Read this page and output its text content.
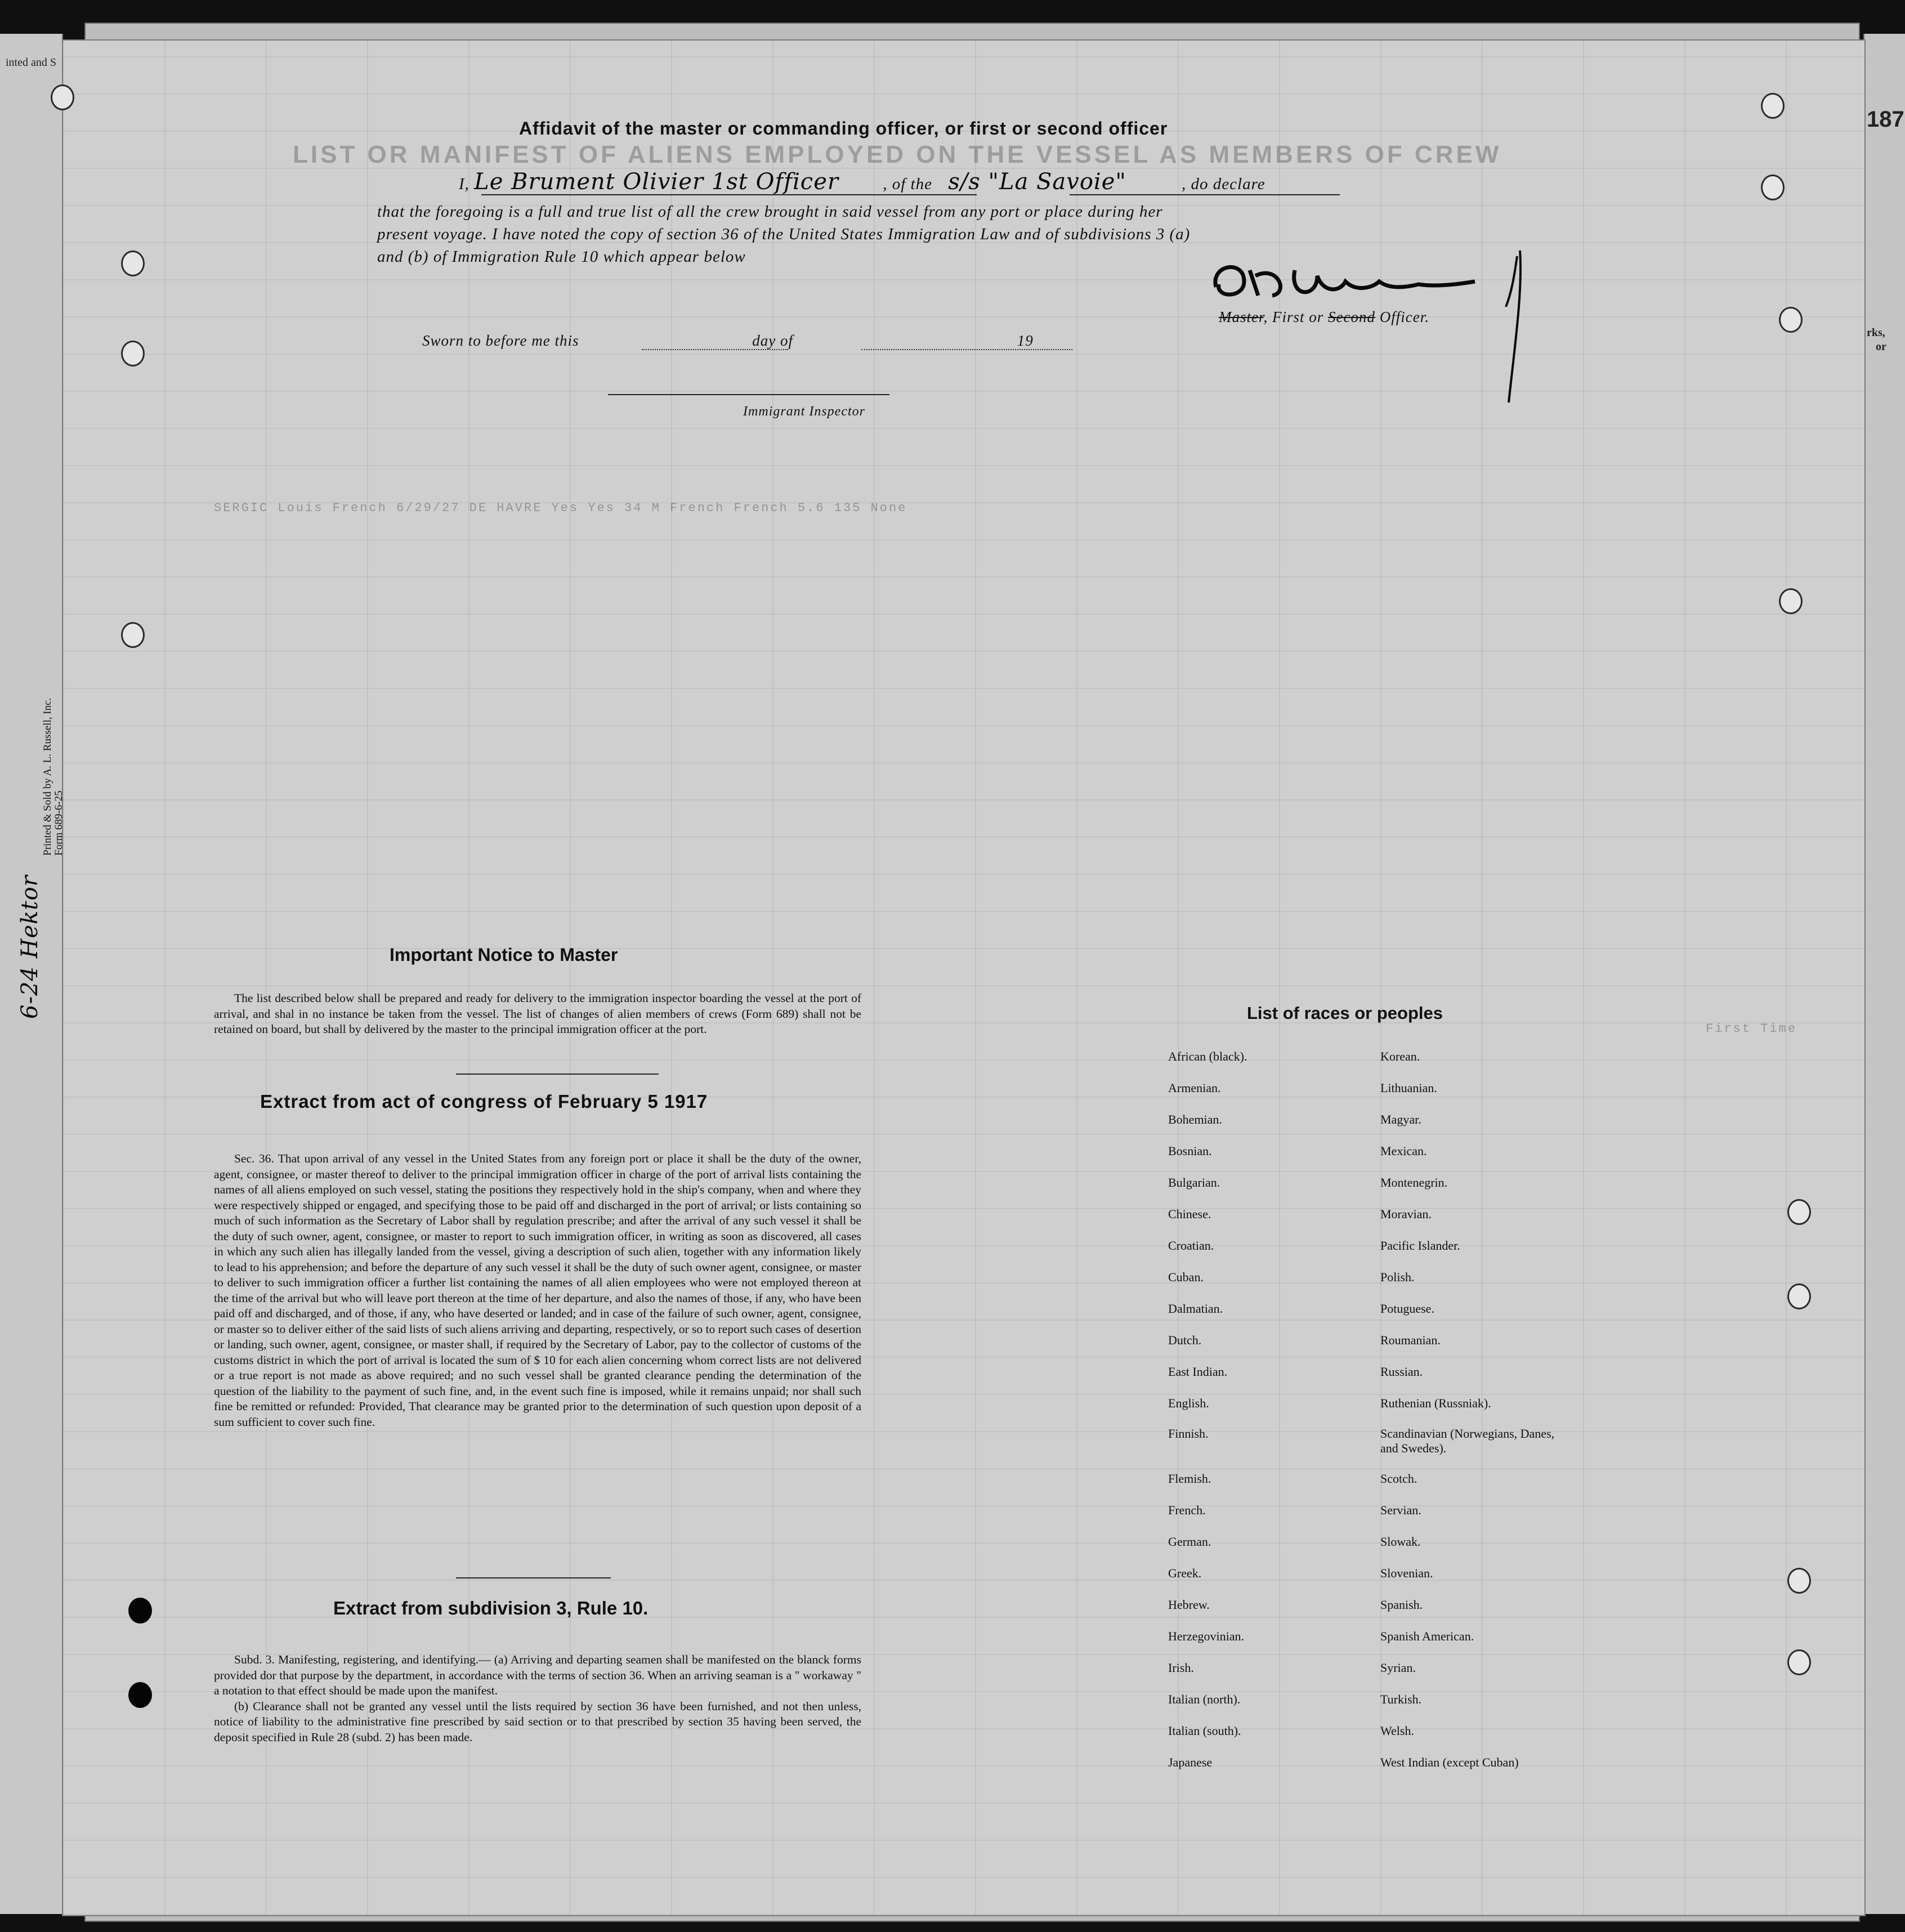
inted and S
187
rks,
or
LIST OR MANIFEST OF ALIENS EMPLOYED ON THE VESSEL AS MEMBERS OF CREW
SERGIC Louis French 6/29/27 DE HAVRE Yes Yes 34 M French French 5.6 135 None
First Time
Printed & Sold by A. L. Russell, Inc. Form 689-6-25
6-24 Hektor
Affidavit of the master or commanding officer, or first or second officer
I, Le Brument Olivier 1st Officer	, of the s/s "La Savoie"	, do declare
that the foregoing is a full and true list of all the crew brought in said vessel from any port or place during her
present voyage. I have noted the copy of section 36 of the United States Immigration Law and of subdivisions 3 (a)
and (b) of Immigration Rule 10 which appear below
Master, First or Second Officer.
Sworn to before me this	day of	19
Immigrant Inspector
Important Notice to Master

The list described below shall be prepared and ready for delivery to the immigration inspector boarding the vessel at the port of arrival, and shal in no instance be taken from the vessel. The list of changes of alien members of crews (Form 689) shall not be retained on board, but shall by delivered by the master to the principal immigration officer at the port.

Extract from act of congress of February 5 1917

Sec. 36. That upon arrival of any vessel in the United States from any foreign port or place it shall be the duty of the owner, agent, consignee, or master thereof to deliver to the principal immigration officer in charge of the port of arrival lists containing the names of all aliens employed on such vessel, stating the positions they respectively hold in the ship's company, when and where they were respectively shipped or engaged, and specifying those to be paid off and discharged in the port of arrival; or lists containing so much of such information as the Secretary of Labor shall by regulation prescribe; and after the arrival of any such vessel it shall be the duty of such owner, agent, consignee, or master to report to such immigration officer, in writing as soon as discovered, all cases in which any such alien has illegally landed from the vessel, giving a description of such alien, together with any information likely to lead to his apprehension; and before the departure of any such vessel it shall be the duty of such owner agent, consignee, or master to deliver to such immigration officer a further list containing the names of all alien employees who were not employed thereon at the time of the arrival but who will leave port thereon at the time of her departure, and also the names of those, if any, who have been paid off and discharged, and of those, if any, who have deserted or landed; and in case of the failure of such owner, agent, consignee, or master so to deliver either of the said lists of such aliens arriving and departing, respectively, or so to report such cases of desertion or landing, such owner, agent, consignee, or master shall, if required by the Secretary of Labor, pay to the collector of customs of the customs district in which the port of arrival is located the sum of $ 10 for each alien concerning whom correct lists are not delivered or a true report is not made as above required; and no such vessel shall be granted clearance pending the determination of the question of the liability to the payment of such fine, and, in the event such fine is imposed, while it remains unpaid; nor shall such fine be remitted or refunded: Provided, That clearance may be granted prior to the determination of such question upon deposit of a sum sufficient to cover such fine.

Extract from subdivision 3, Rule 10.

Subd. 3. Manifesting, registering, and identifying.— (a) Arriving and departing seamen shall be manifested on the blanck forms provided dor that purpose by the department, in accordance with the terms of section 36. When an arriving seaman is a " workaway " a notation to that effect should be made upon the manifest.

(b) Clearance shall not be granted any vessel until the lists required by section 36 have been furnished, and not then unless, notice of liability to the administrative fine prescribed by said section or to that prescribed by section 35 having been served, the deposit specified in Rule 28 (subd. 2) has been made.

List of races or peoples
African (black).
Armenian.
Bohemian.
Bosnian.
Bulgarian.
Chinese.
Croatian.
Cuban.
Dalmatian.
Dutch.
East Indian.
English.
Finnish.
Flemish.
French.
German.
Greek.
Hebrew.
Herzegovinian.
Irish.
Italian (north).
Italian (south).
Japanese
Korean.
Lithuanian.
Magyar.
Mexican.
Montenegrin.
Moravian.
Pacific Islander.
Polish.
Potuguese.
Roumanian.
Russian.
Ruthenian (Russniak).
Scandinavian (Norwegians, Danes, and Swedes).
Scotch.
Servian.
Slowak.
Slovenian.
Spanish.
Spanish American.
Syrian.
Turkish.
Welsh.
West Indian (except Cuban)
